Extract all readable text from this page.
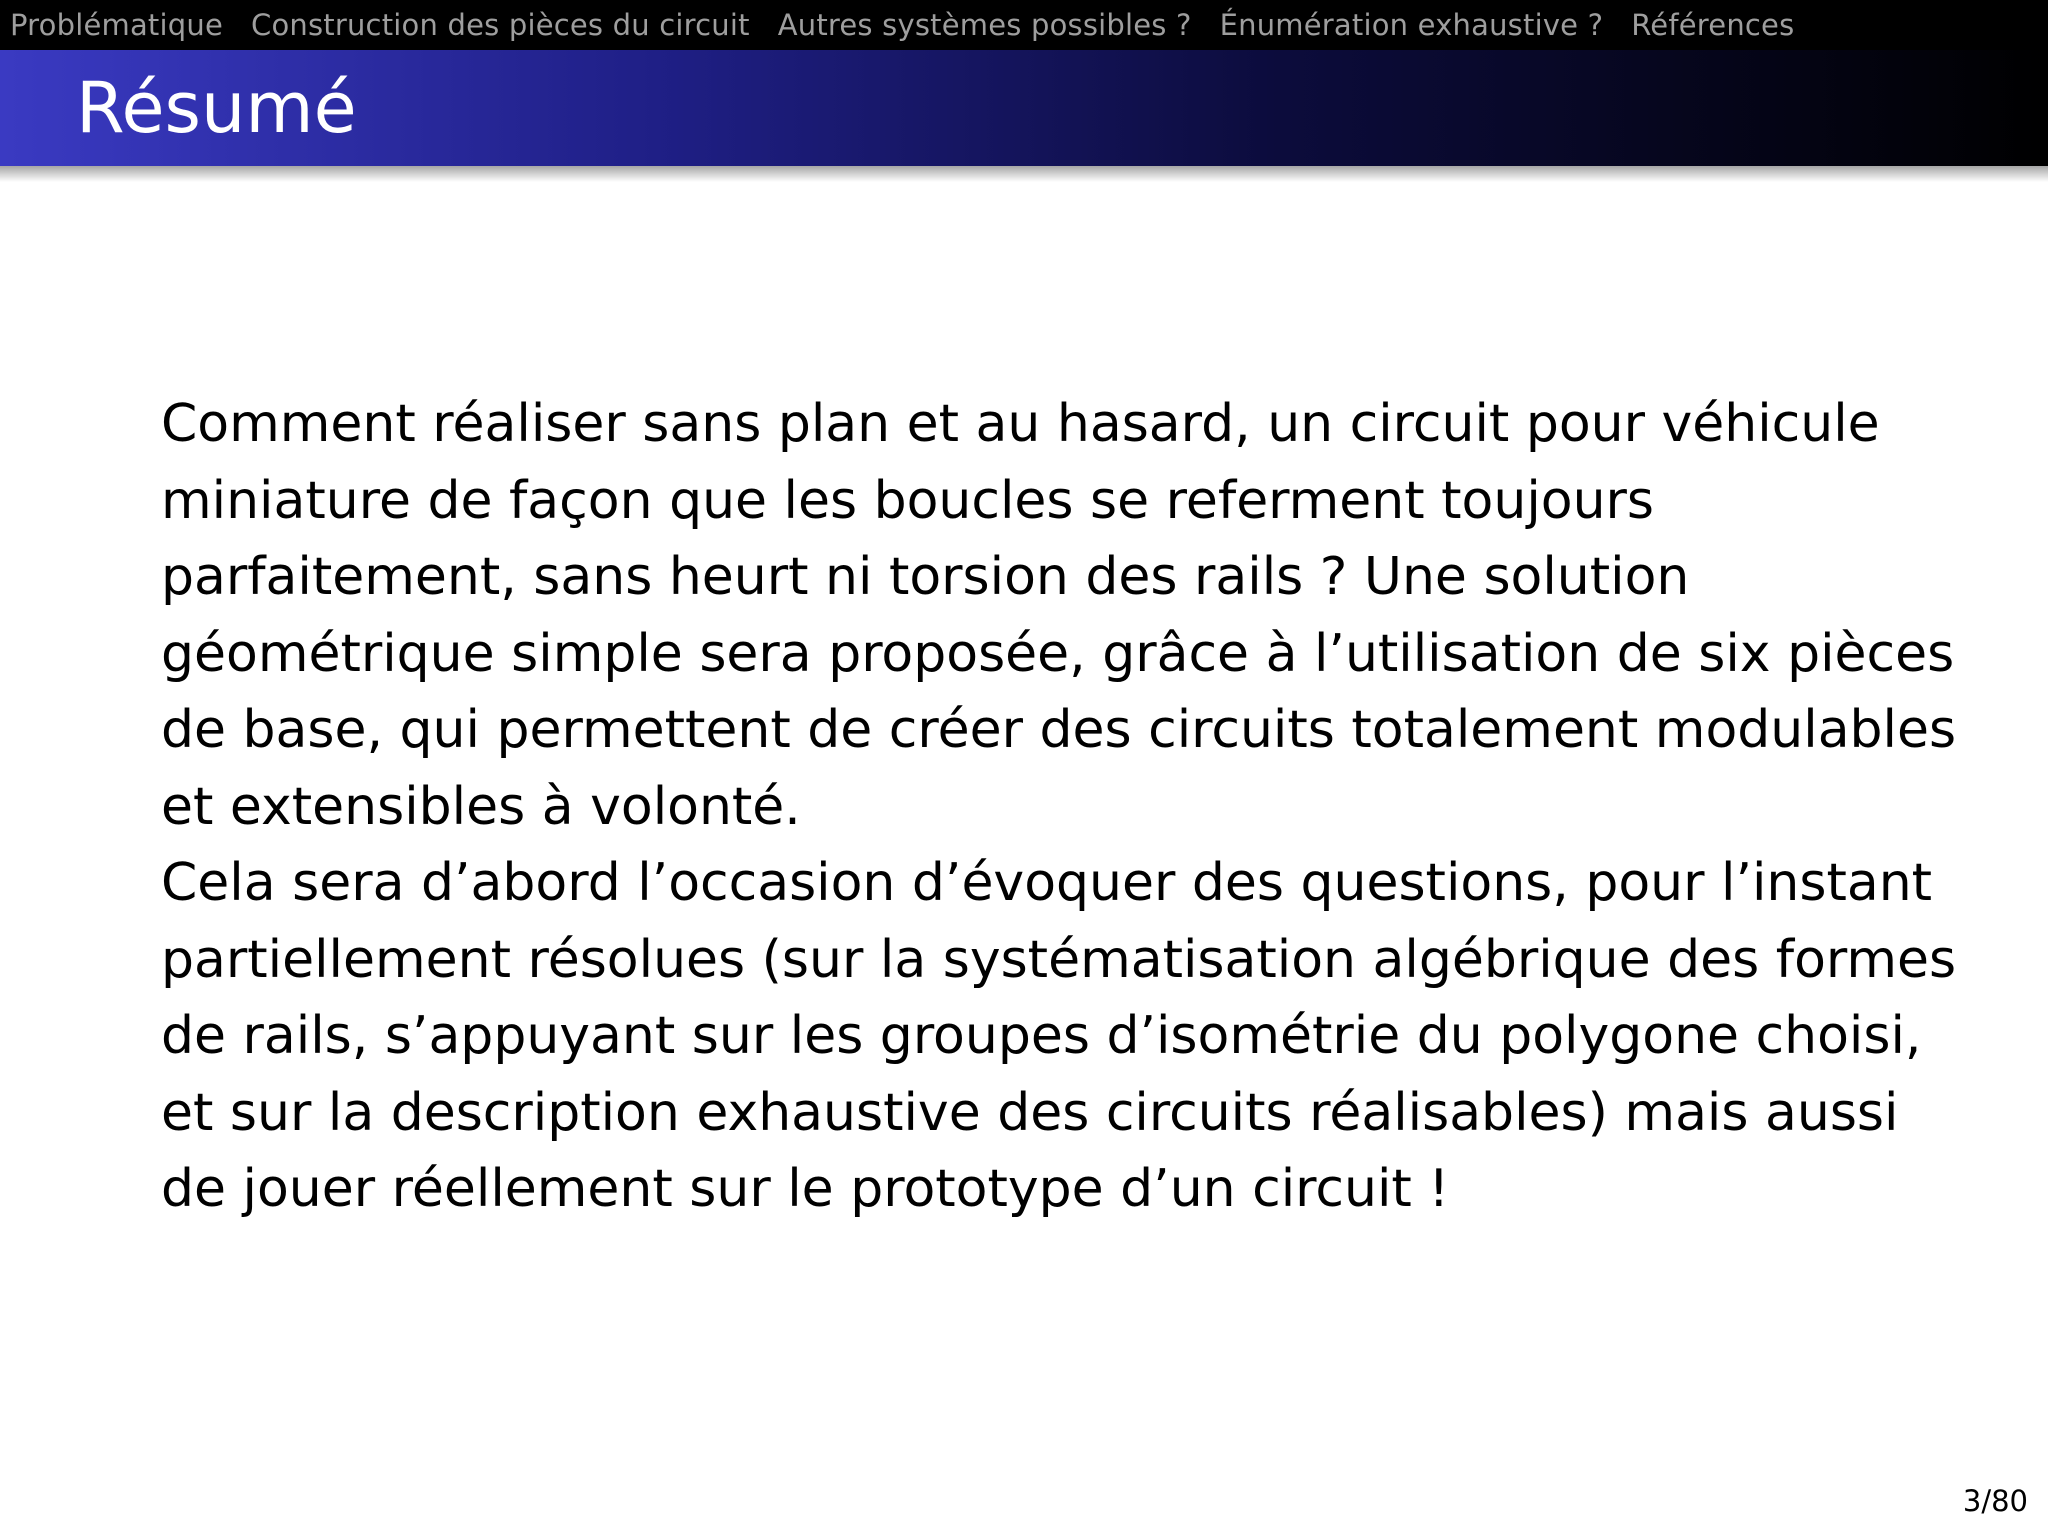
Problématique Construction des pièces du circuit Autres systèmes possibles ? Énumération exhaustive ? Références
Résumé
Comment réaliser sans plan et au hasard, un circuit pour véhicule
miniature de façon que les boucles se referment toujours
parfaitement, sans heurt ni torsion des rails ? Une solution
géométrique simple sera proposée, grâce à l’utilisation de six pièces
de base, qui permettent de créer des circuits totalement modulables
et extensibles à volonté.
Cela sera d’abord l’occasion d’évoquer des questions, pour l’instant
partiellement résolues (sur la systématisation algébrique des formes
de rails, s’appuyant sur les groupes d’isométrie du polygone choisi,
et sur la description exhaustive des circuits réalisables) mais aussi
de jouer réellement sur le prototype d’un circuit !
3/80
